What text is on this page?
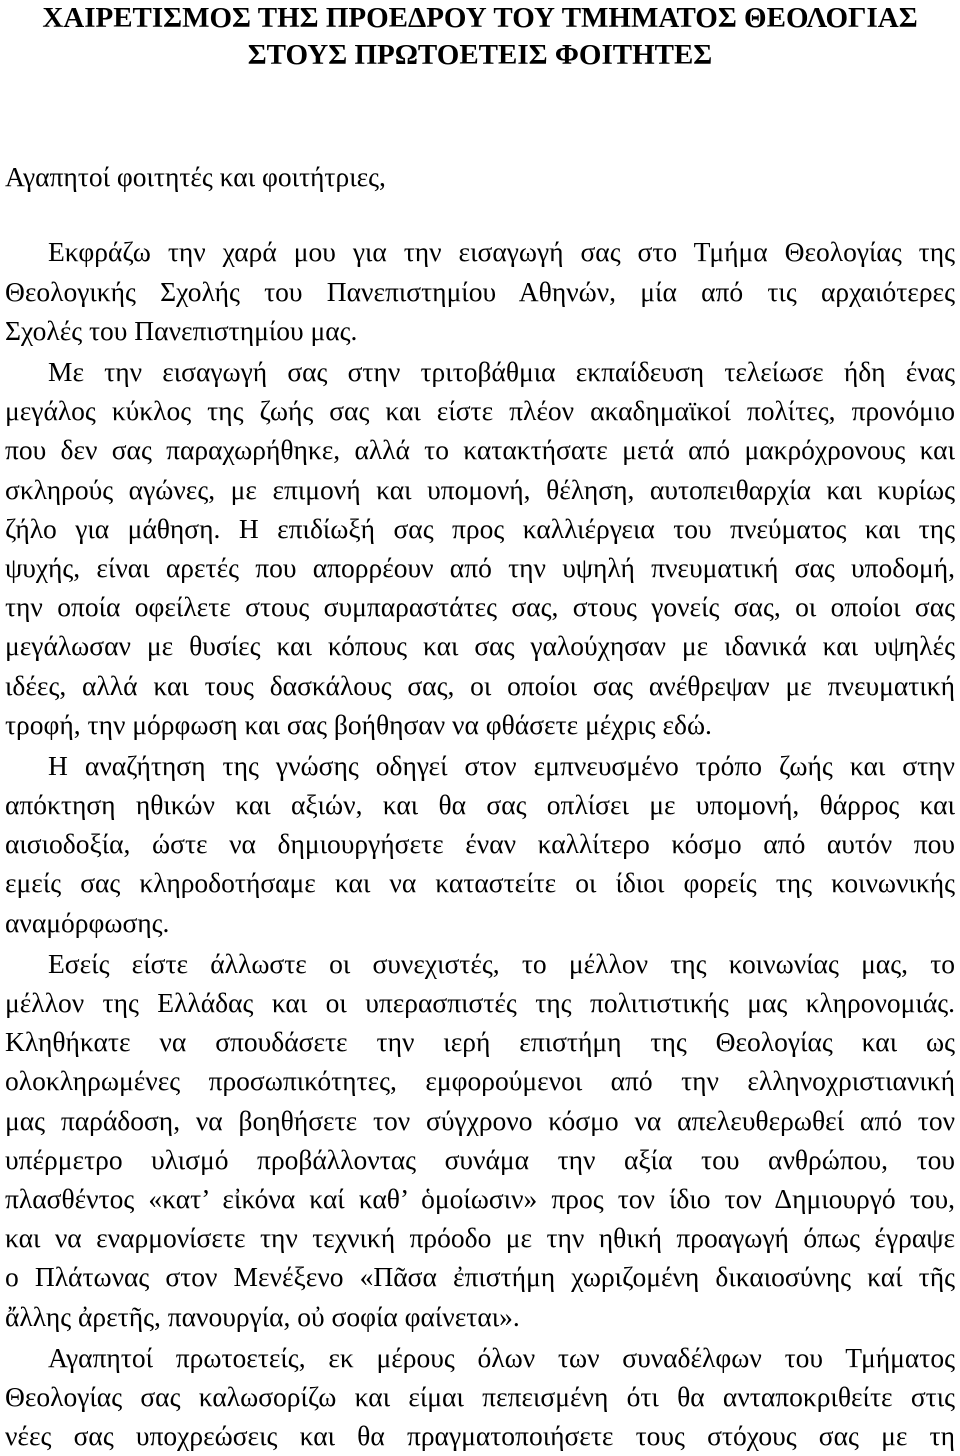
ΧΑΙΡΕΤΙΣΜΟΣ ΤΗΣ ΠΡΟΕΔΡΟΥ ΤΟΥ ΤΜΗΜΑΤΟΣ ΘΕΟΛΟΓΙΑΣ
ΣΤΟΥΣ ΠΡΩΤΟΕΤΕΙΣ ΦΟΙΤΗΤΕΣ
Αγαπητοί φοιτητές και φοιτήτριες,
Εκφράζω την χαρά μου για την εισαγωγή σας στο Τμήμα Θεολογίας της
Θεολογικής Σχολής του Πανεπιστημίου Αθηνών, μία από τις αρχαιότερες
Σχολές του Πανεπιστημίου μας.
Με την εισαγωγή σας στην τριτοβάθμια εκπαίδευση τελείωσε ήδη ένας
μεγάλος κύκλος της ζωής σας και είστε πλέον ακαδημαϊκοί πολίτες, προνόμιο
που δεν σας παραχωρήθηκε, αλλά το κατακτήσατε μετά από μακρόχρονους και
σκληρούς αγώνες, με επιμονή και υπομονή, θέληση, αυτοπειθαρχία και κυρίως
ζήλο για μάθηση. Η επιδίωξή σας προς καλλιέργεια του πνεύματος και της
ψυχής, είναι αρετές που απορρέουν από την υψηλή πνευματική σας υποδομή,
την οποία οφείλετε στους συμπαραστάτες σας, στους γονείς σας, οι οποίοι σας
μεγάλωσαν με θυσίες και κόπους και σας γαλούχησαν με ιδανικά και υψηλές
ιδέες, αλλά και τους δασκάλους σας, οι οποίοι σας ανέθρεψαν με πνευματική
τροφή, την μόρφωση και σας βοήθησαν να φθάσετε μέχρις εδώ.
Η αναζήτηση της γνώσης οδηγεί στον εμπνευσμένο τρόπο ζωής και στην
απόκτηση ηθικών και αξιών, και θα σας οπλίσει με υπομονή, θάρρος και
αισιοδοξία, ώστε να δημιουργήσετε έναν καλλίτερο κόσμο από αυτόν που
εμείς σας κληροδοτήσαμε και να καταστείτε οι ίδιοι φορείς της κοινωνικής
αναμόρφωσης.
Εσείς είστε άλλωστε οι συνεχιστές, το μέλλον της κοινωνίας μας, το
μέλλον της Ελλάδας και οι υπερασπιστές της πολιτιστικής μας κληρονομιάς.
Κληθήκατε να σπουδάσετε την ιερή επιστήμη της Θεολογίας και ως
ολοκληρωμένες προσωπικότητες, εμφορούμενοι από την ελληνοχριστιανική
μας παράδοση, να βοηθήσετε τον σύγχρονο κόσμο να απελευθερωθεί από τον
υπέρμετρο υλισμό προβάλλοντας συνάμα την αξία του ανθρώπου, του
πλασθέντος «κατ’ εἰκόνα καί καθ’ ὁμοίωσιν» προς τον ίδιο τον Δημιουργό του,
και να εναρμονίσετε την τεχνική πρόοδο με την ηθική προαγωγή όπως έγραψε
ο Πλάτωνας στον Μενέξενο «Πᾶσα ἐπιστήμη χωριζομένη δικαιοσύνης καί τῆς
ἄλλης ἀρετῆς, πανουργία, οὐ σοφία φαίνεται».
Αγαπητοί πρωτοετείς, εκ μέρους όλων των συναδέλφων του Τμήματος
Θεολογίας σας καλωσορίζω και είμαι πεπεισμένη ότι θα ανταποκριθείτε στις
νέες σας υποχρεώσεις και θα πραγματοποιήσετε τους στόχους σας με τη
